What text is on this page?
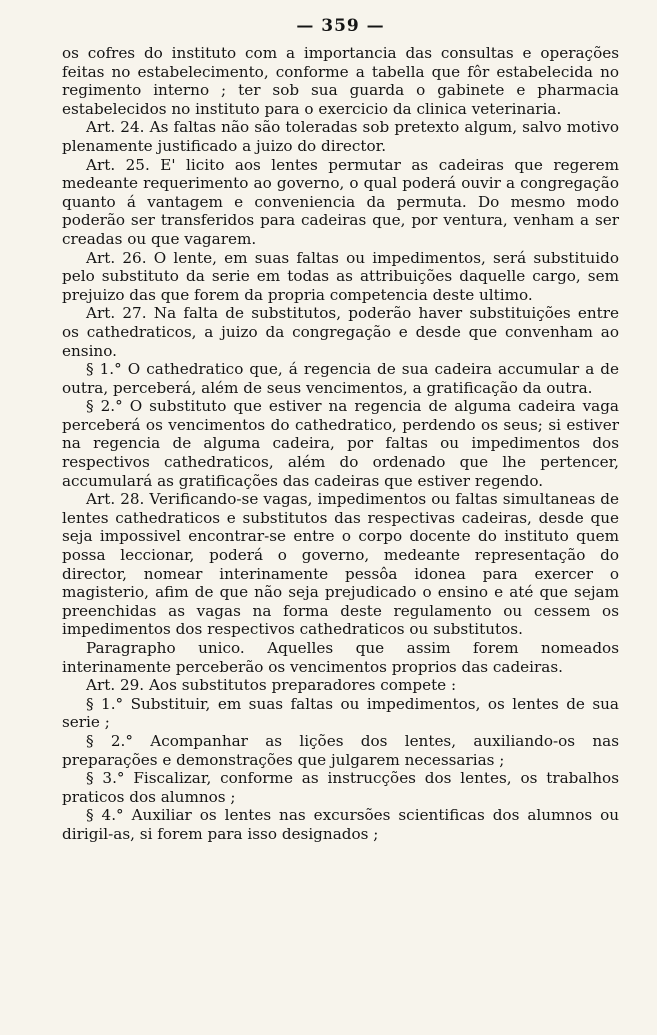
— 359 —

os cofres do instituto com a importancia das consultas e operações feitas no estabelecimento, conforme a tabella que fôr estabelecida no regimento interno ; ter sob sua guarda o gabinete e pharmacia estabelecidos no instituto para o exercicio da clinica veterinaria.

Art. 24. As faltas não são toleradas sob pretexto algum, salvo motivo plenamente justificado a juizo do director.

Art. 25. E' licito aos lentes permutar as cadeiras que regerem medeante requerimento ao governo, o qual poderá ouvir a congregação quanto á vantagem e conveniencia da permuta. Do mesmo modo poderão ser transferidos para cadeiras que, por ventura, venham a ser creadas ou que vagarem.

Art. 26. O lente, em suas faltas ou impedimentos, será substituido pelo substituto da serie em todas as attribuições daquelle cargo, sem prejuizo das que forem da propria competencia deste ultimo.

Art. 27. Na falta de substitutos, poderão haver substituições entre os cathedraticos, a juizo da congregação e desde que convenham ao ensino.

§ 1.° O cathedratico que, á regencia de sua cadeira accumular a de outra, perceberá, além de seus vencimentos, a gratificação da outra.

§ 2.° O substituto que estiver na regencia de alguma cadeira vaga perceberá os vencimentos do cathedratico, perdendo os seus; si estiver na regencia de alguma cadeira, por faltas ou impedimentos dos respectivos cathedraticos, além do ordenado que lhe pertencer, accumulará as gratificações das cadeiras que estiver regendo.

Art. 28. Verificando-se vagas, impedimentos ou faltas simultaneas de lentes cathedraticos e substitutos das respectivas cadeiras, desde que seja impossivel encontrar-se entre o corpo docente do instituto quem possa leccionar, poderá o governo, medeante representação do director, nomear interinamente pessôa idonea para exercer o magisterio, afim de que não seja prejudicado o ensino e até que sejam preenchidas as vagas na forma deste regulamento ou cessem os impedimentos dos respectivos cathedraticos ou substitutos.

Paragrapho unico. Aquelles que assim forem nomeados interinamente perceberão os vencimentos proprios das cadeiras.

Art. 29. Aos substitutos preparadores compete :

§ 1.° Substituir, em suas faltas ou impedimentos, os lentes de sua serie ;

§ 2.° Acompanhar as lições dos lentes, auxiliando-os nas preparações e demonstrações que julgarem necessarias ;

§ 3.° Fiscalizar, conforme as instrucções dos lentes, os trabalhos praticos dos alumnos ;

§ 4.° Auxiliar os lentes nas excursões scientificas dos alumnos ou dirigil-as, si forem para isso designados ;
